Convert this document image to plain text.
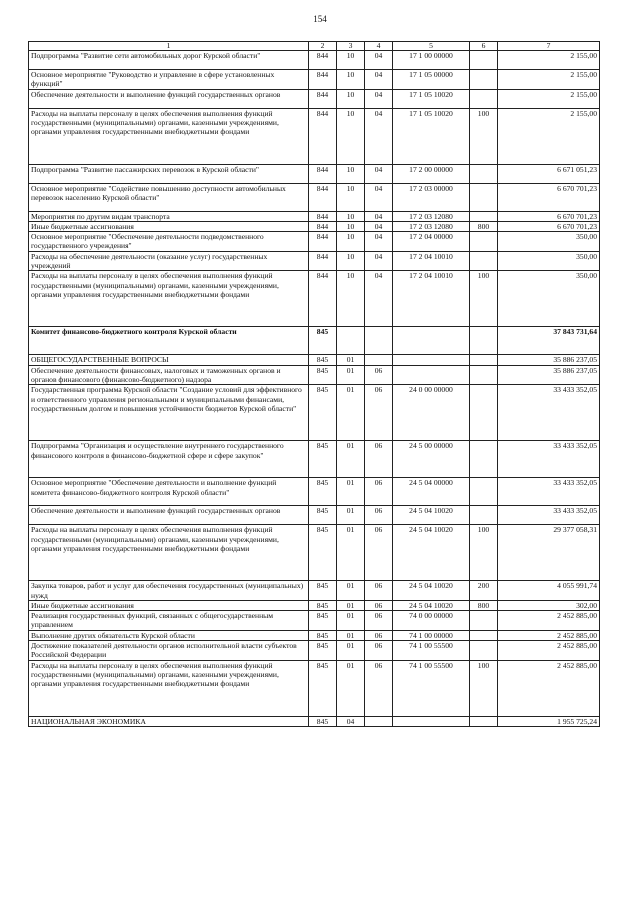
154
1	2	3	4	5	6	7
Подпрограмма "Развитие сети автомобильных дорог Курской области"	844	10	04	17 1 00 00000		2 155,00
Основное мероприятие "Руководство и управление в сфере установленных функций"	844	10	04	17 1 05 00000		2 155,00
Обеспечение деятельности и выполнение функций государственных органов	844	10	04	17 1 05 10020		2 155,00
Расходы на выплаты персоналу в целях обеспечения выполнения функций государственными (муниципальными) органами, казенными учреждениями, органами управления государственными внебюджетными фондами	844	10	04	17 1 05 10020	100	2 155,00
Подпрограмма "Развитие пассажирских перевозок в Курской области"	844	10	04	17 2 00 00000		6 671 051,23
Основное мероприятие "Содействие повышению доступности автомобильных перевозок населению Курской области"	844	10	04	17 2 03 00000		6 670 701,23
Мероприятия по другим видам транспорта	844	10	04	17 2 03 12080		6 670 701,23
Иные бюджетные ассигнования	844	10	04	17 2 03 12080	800	6 670 701,23
Основное мероприятие "Обеспечение деятельности подведомственного государственного учреждения"	844	10	04	17 2 04 00000		350,00
Расходы на обеспечение деятельности (оказание услуг) государственных учреждений	844	10	04	17 2 04 10010		350,00
Расходы на выплаты персоналу в целях обеспечения выполнения функций государственными (муниципальными) органами, казенными учреждениями, органами управления государственными внебюджетными фондами	844	10	04	17 2 04 10010	100	350,00
Комитет финансово-бюджетного контроля Курской области	845					37 843 731,64
ОБЩЕГОСУДАРСТВЕННЫЕ ВОПРОСЫ	845	01				35 886 237,05
Обеспечение деятельности финансовых, налоговых и таможенных органов и органов финансового (финансово-бюджетного) надзора	845	01	06			35 886 237,05
Государственная программа Курской области "Создание условий для эффективного и ответственного управления региональными и муниципальными финансами, государственным долгом и повышения устойчивости бюджетов Курской области"	845	01	06	24 0 00 00000		33 433 352,05
Подпрограмма "Организация и осуществление внутреннего государственного финансового контроля в финансово-бюджетной сфере и сфере закупок"	845	01	06	24 5 00 00000		33 433 352,05
Основное мероприятие "Обеспечение деятельности и выполнение функций комитета финансово-бюджетного контроля Курской области"	845	01	06	24 5 04 00000		33 433 352,05
Обеспечение деятельности и выполнение функций государственных органов	845	01	06	24 5 04 10020		33 433 352,05
Расходы на выплаты персоналу в целях обеспечения выполнения функций государственными (муниципальными) органами, казенными учреждениями, органами управления государственными внебюджетными фондами	845	01	06	24 5 04 10020	100	29 377 058,31
Закупка товаров, работ и услуг для обеспечения государственных (муниципальных) нужд	845	01	06	24 5 04 10020	200	4 055 991,74
Иные бюджетные ассигнования	845	01	06	24 5 04 10020	800	302,00
Реализация государственных функций, связанных с общегосударственным управлением	845	01	06	74 0 00 00000		2 452 885,00
Выполнение других обязательств Курской области	845	01	06	74 1 00 00000		2 452 885,00
Достижение показателей деятельности органов исполнительной власти субъектов Российской Федерации	845	01	06	74 1 00 55500		2 452 885,00
Расходы на выплаты персоналу в целях обеспечения выполнения функций государственными (муниципальными) органами, казенными учреждениями, органами управления государственными внебюджетными фондами	845	01	06	74 1 00 55500	100	2 452 885,00
НАЦИОНАЛЬНАЯ ЭКОНОМИКА	845	04				1 955 725,24
